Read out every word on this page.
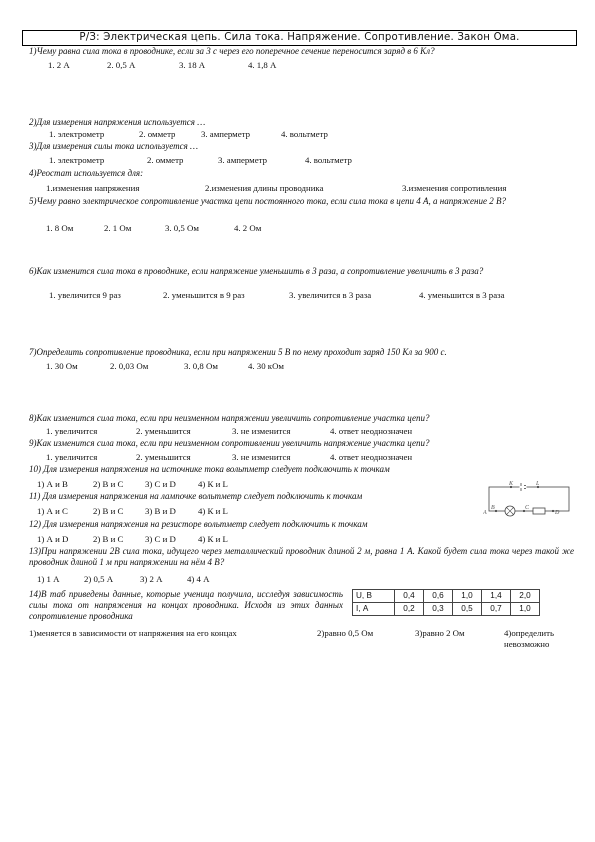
Р/З: Электрическая цепь. Сила тока. Напряжение. Сопротивление. Закон Ома.
1)Чему равна сила тока в проводнике, если за 3 с через его поперечное сечение переносится заряд в 6 Кл?
1. 2 А	2. 0,5 А	3. 18 А	4. 1,8 А
2)Для измерения напряжения используется …
1. электрометр	2. омметр	3. амперметр	4. вольтметр
3)Для измерения силы тока используется …
1. электрометр	2. омметр	3. амперметр	4. вольтметр
4)Реостат используется для:
1.изменения напряжения	2.изменения длины проводника	3.изменения сопротивления
5)Чему равно электрическое сопротивление участка цепи постоянного тока, если сила тока в цепи 4 А, а напряжение 2 В?
1. 8 Ом	2. 1 Ом	3. 0,5 Ом	4. 2 Ом
6)Как изменится сила тока в проводнике, если напряжение уменьшить в 3 раза, а сопротивление увеличить в 3 раза?
1. увеличится 9 раз	2. уменьшится в 9 раз	3. увеличится в 3 раза	4. уменьшится в 3 раза
7)Определить сопротивление проводника, если при напряжении 5 В по нему проходит заряд 150 Кл за 900 с.
1. 30 Ом	2. 0,03 Ом	3. 0,8 Ом	4. 30 кОм
8)Как изменится сила тока, если при неизменном напряжении увеличить сопротивление участка цепи?
1. увеличится	2. уменьшится	3. не изменится	4. ответ неоднозначен
9)Как изменится сила тока, если при неизменном сопротивлении увеличить напряжение участка цепи?
1. увеличится	2. уменьшится	3. не изменится	4. ответ неоднозначен
10) Для измерения напряжения на источнике тока вольтметр следует подключить к точкам
1) А и В	2) В и С 3) С и D	4) К и L
11) Для измерения напряжения на лампочке вольтметр следует подключить к точкам
1) А и С	2) В и С 3) В и D	4) К и L
12) Для измерения напряжения на резисторе вольтметр следует подключить к точкам
1) А и D	2) В и С 3) С и D	4) К и L
K	L
A
B	C
D
13)При напряжении 2В сила тока, идущего через металлический проводник длиной 2 м, равна 1 А. Какой будет сила тока через такой же проводник длиной 1 м при напряжении на нём 4 В?
1) 1 А	2) 0,5 А	3) 2 А	4) 4 А
14)В таб приведены данные, которые ученица получила, исследуя зависимость силы тока от напряжения на концах проводника. Исходя из этих данных сопротивление проводника
U, В	0,4	0,6	1,0	1,4	2,0
I, А	0,2	0,3	0,5	0,7	1,0
1)меняется в зависимости от напряжения на его концах	2)равно 0,5 Ом	3)равно 2 Ом	4)определить невозможно
